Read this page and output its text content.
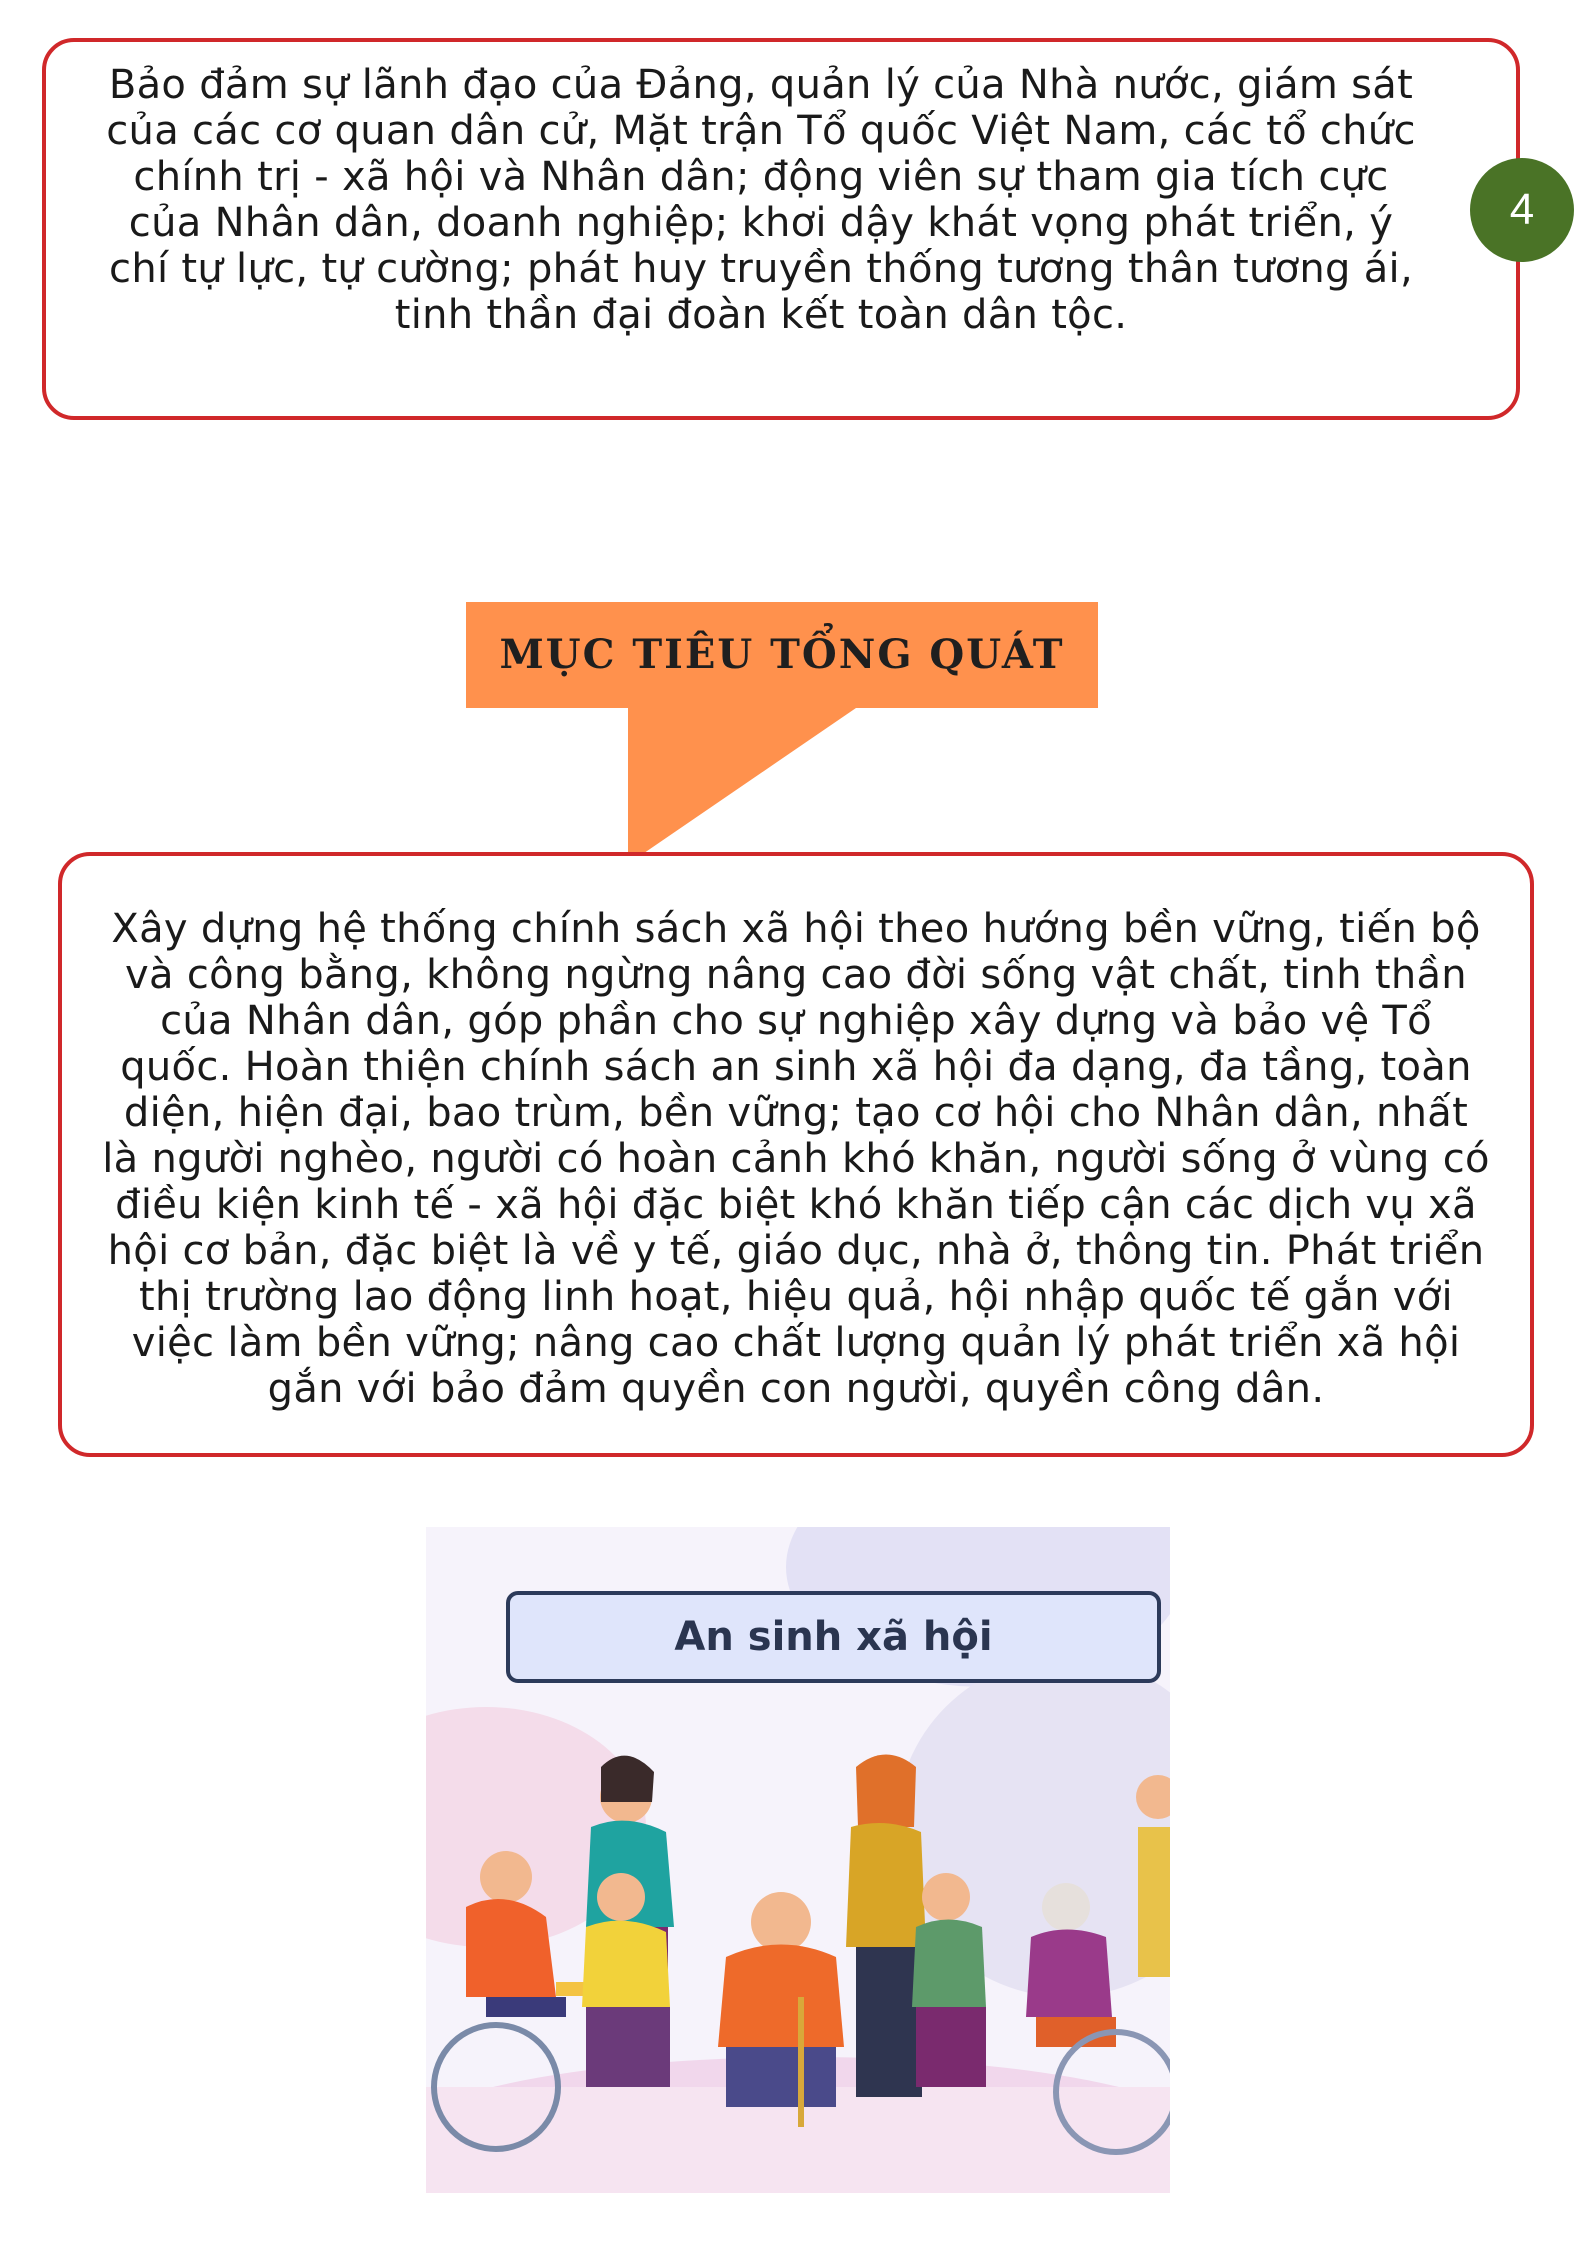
Bảo đảm sự lãnh đạo của Đảng, quản lý của Nhà nước, giám sát của các cơ quan dân cử, Mặt trận Tổ quốc Việt Nam, các tổ chức chính trị - xã hội và Nhân dân; động viên sự tham gia tích cực của Nhân dân, doanh nghiệp; khơi dậy khát vọng phát triển, ý chí tự lực, tự cường; phát huy truyền thống tương thân tương ái, tinh thần đại đoàn kết toàn dân tộc.

4
MỤC TIÊU TỔNG QUÁT

Xây dựng hệ thống chính sách xã hội theo hướng bền vững, tiến bộ và công bằng, không ngừng nâng cao đời sống vật chất, tinh thần của Nhân dân, góp phần cho sự nghiệp xây dựng và bảo vệ Tổ quốc. Hoàn thiện chính sách an sinh xã hội đa dạng, đa tầng, toàn diện, hiện đại, bao trùm, bền vững; tạo cơ hội cho Nhân dân, nhất là người nghèo, người có hoàn cảnh khó khăn, người sống ở vùng có điều kiện kinh tế - xã hội đặc biệt khó khăn tiếp cận các dịch vụ xã hội cơ bản, đặc biệt là về y tế, giáo dục, nhà ở, thông tin. Phát triển thị trường lao động linh hoạt, hiệu quả, hội nhập quốc tế gắn với việc làm bền vững; nâng cao chất lượng quản lý phát triển xã hội gắn với bảo đảm quyền con người, quyền công dân.

An sinh xã hội
